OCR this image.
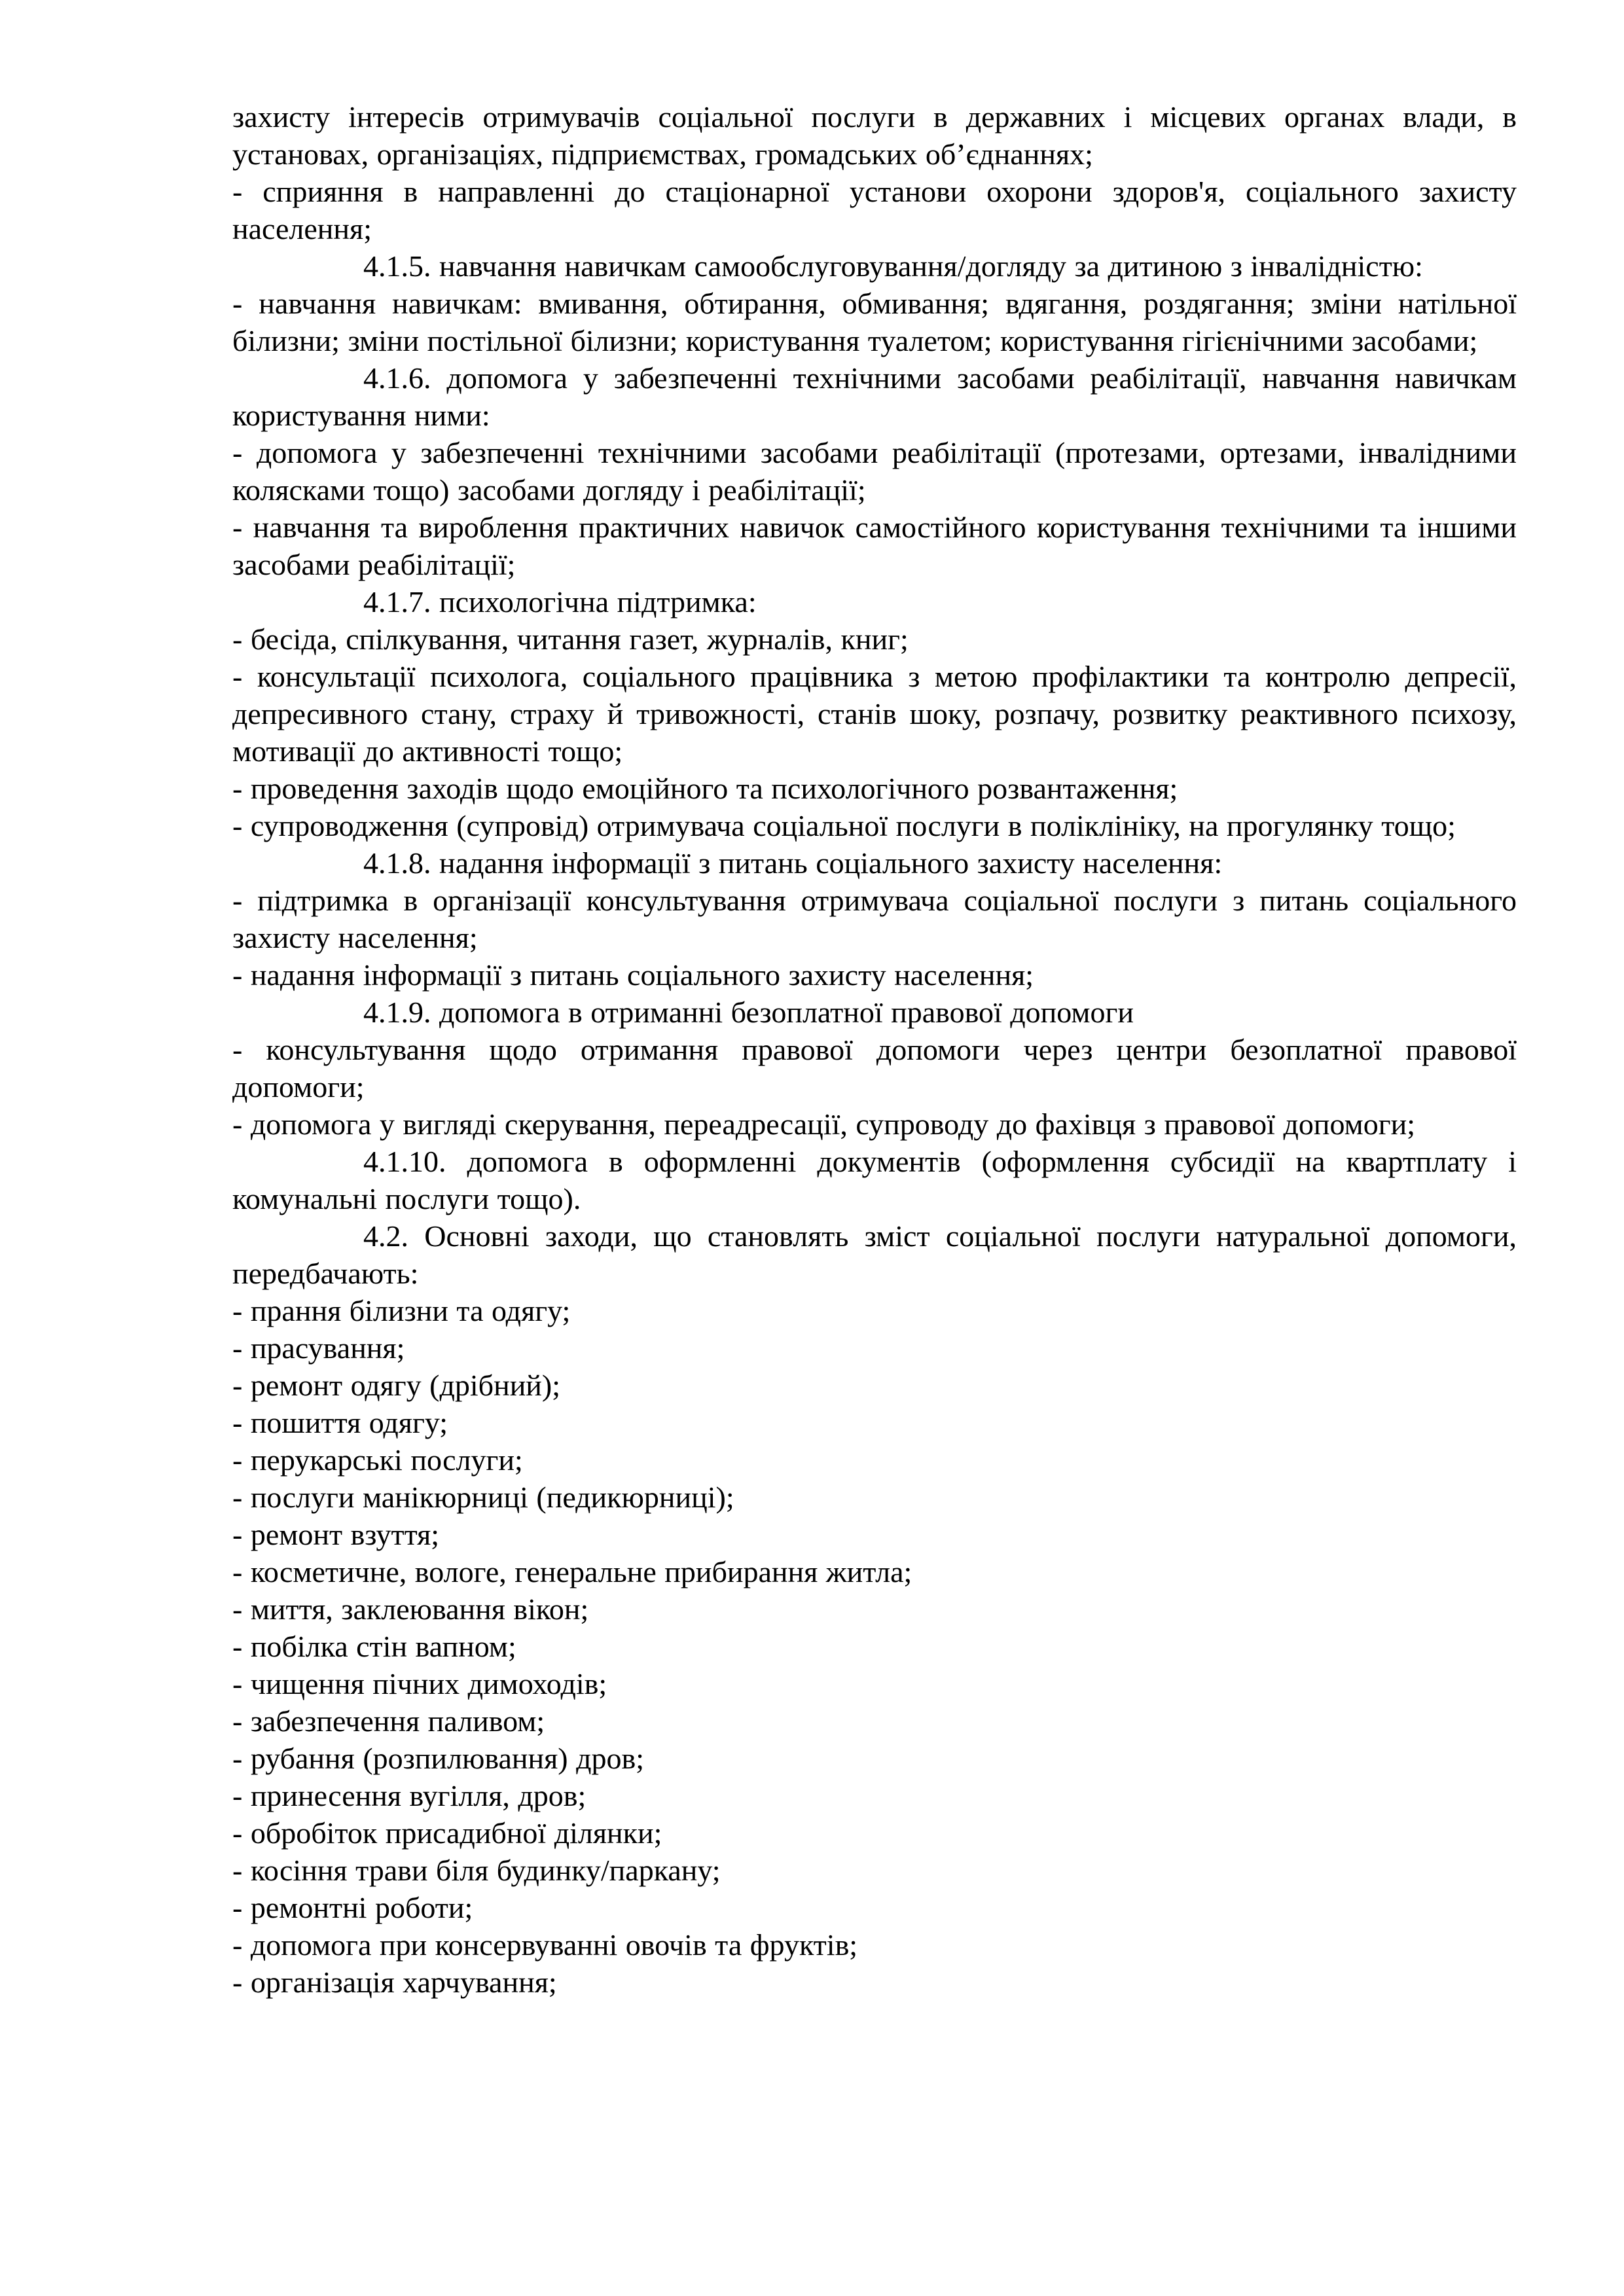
захисту інтересів отримувачів соціальної послуги в державних і місцевих органах влади, в установах, організаціях, підприємствах, громадських об’єднаннях;

- сприяння в направленні до стаціонарної установи охорони здоров'я, соціального захисту населення;

4.1.5. навчання навичкам самообслуговування/догляду за дитиною з інвалідністю:

- навчання навичкам: вмивання, обтирання, обмивання; вдягання, роздягання; зміни натільної білизни; зміни постільної білизни; користування туалетом; користування гігієнічними засобами;

4.1.6. допомога у забезпеченні технічними засобами реабілітації, навчання навичкам користування ними:

- допомога у забезпеченні технічними засобами реабілітації (протезами, ортезами, інвалідними колясками тощо) засобами догляду і реабілітації;

- навчання та вироблення практичних навичок самостійного користування технічними та іншими засобами реабілітації;

4.1.7. психологічна підтримка:

- бесіда, спілкування, читання газет, журналів, книг;

- консультації психолога, соціального працівника з метою профілактики та контролю депресії, депресивного стану, страху й тривожності, станів шоку, розпачу, розвитку реактивного психозу, мотивації до активності тощо;

- проведення заходів щодо емоційного та психологічного розвантаження;

- супроводження (супровід) отримувача соціальної послуги в поліклініку, на прогулянку тощо;

4.1.8. надання інформації з питань соціального захисту населення:

- підтримка в організації консультування отримувача соціальної послуги з питань соціального захисту населення;

- надання інформації з питань соціального захисту населення;

4.1.9. допомога в отриманні безоплатної правової допомоги

- консультування щодо отримання правової допомоги через центри безоплатної правової допомоги;

- допомога у вигляді скерування, переадресації, супроводу до фахівця з правової допомоги;

4.1.10. допомога в оформленні документів (оформлення субсидії на квартплату і комунальні послуги тощо).

4.2. Основні заходи, що становлять зміст соціальної послуги натуральної допомоги, передбачають:

- прання білизни та одягу;

- прасування;

- ремонт одягу (дрібний);

- пошиття одягу;

- перукарські послуги;

- послуги манікюрниці (педикюрниці);

- ремонт взуття;

- косметичне, вологе, генеральне прибирання житла;

- миття, заклеювання вікон;

- побілка стін вапном;

- чищення пічних димоходів;

- забезпечення паливом;

- рубання (розпилювання) дров;

- принесення вугілля, дров;

- обробіток присадибної ділянки;

- косіння трави біля будинку/паркану;

- ремонтні роботи;

- допомога при консервуванні овочів та фруктів;

- організація харчування;
